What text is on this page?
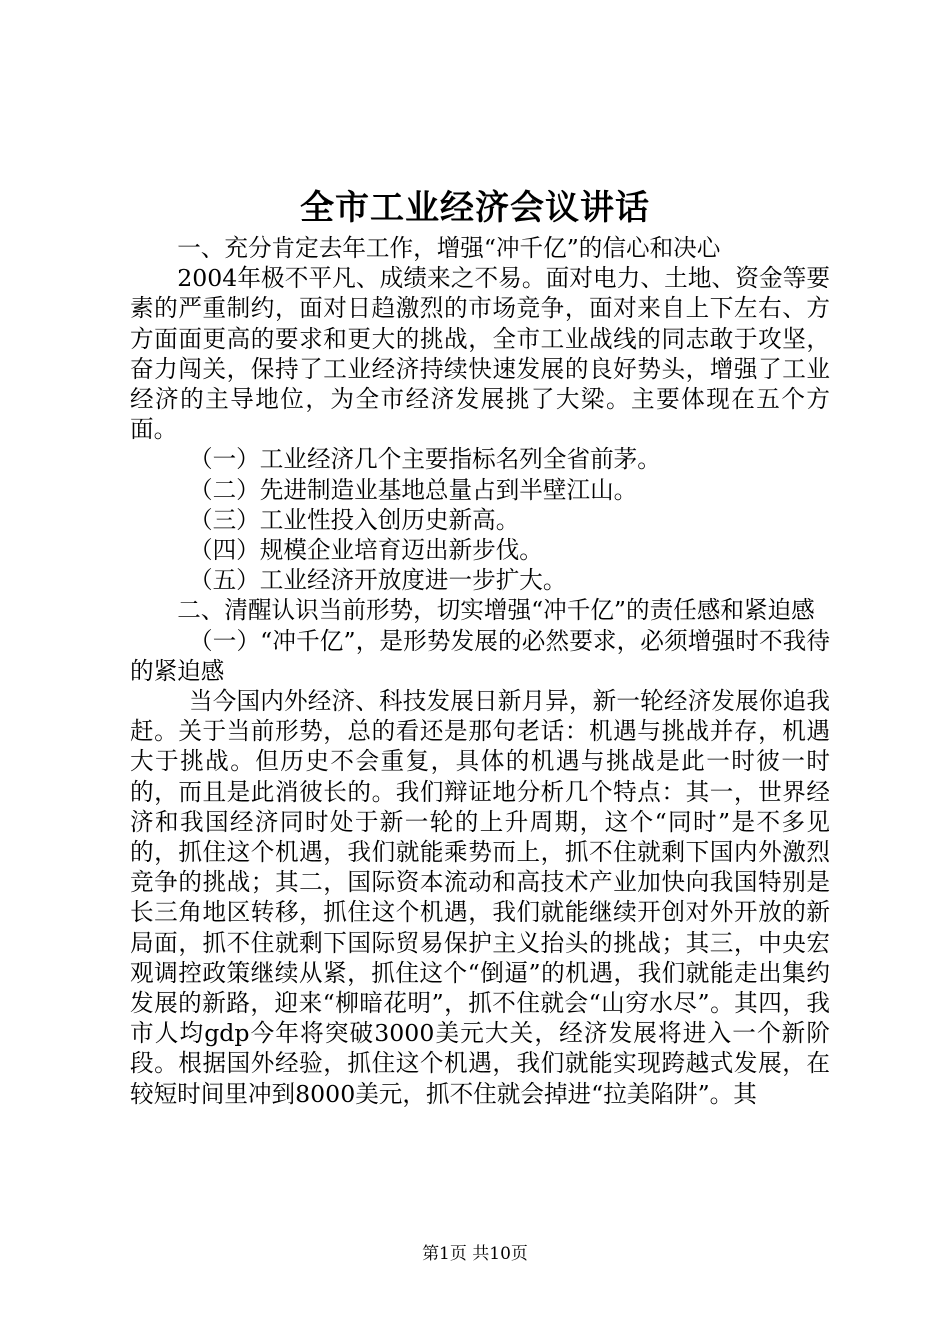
全市工业经济会议讲话

一、充分肯定去年工作，增强“冲千亿”的信心和决心

2004年极不平凡、成绩来之不易。面对电力、土地、资金等要素的严重制约，面对日趋激烈的市场竞争，面对来自上下左右、方方面面更高的要求和更大的挑战，全市工业战线的同志敢于攻坚，奋力闯关，保持了工业经济持续快速发展的良好势头，增强了工业经济的主导地位，为全市经济发展挑了大梁。主要体现在五个方面。

（一）工业经济几个主要指标名列全省前茅。

（二）先进制造业基地总量占到半壁江山。

（三）工业性投入创历史新高。

（四）规模企业培育迈出新步伐。

（五）工业经济开放度进一步扩大。

二、清醒认识当前形势，切实增强“冲千亿”的责任感和紧迫感

（一）“冲千亿”，是形势发展的必然要求，必须增强时不我待的紧迫感

当今国内外经济、科技发展日新月异，新一轮经济发展你追我赶。关于当前形势，总的看还是那句老话：机遇与挑战并存，机遇大于挑战。但历史不会重复，具体的机遇与挑战是此一时彼一时的，而且是此消彼长的。我们辩证地分析几个特点：其一，世界经济和我国经济同时处于新一轮的上升周期，这个“同时”是不多见的，抓住这个机遇，我们就能乘势而上，抓不住就剩下国内外激烈竞争的挑战；其二，国际资本流动和高技术产业加快向我国特别是长三角地区转移，抓住这个机遇，我们就能继续开创对外开放的新局面，抓不住就剩下国际贸易保护主义抬头的挑战；其三，中央宏观调控政策继续从紧，抓住这个“倒逼”的机遇，我们就能走出集约发展的新路，迎来“柳暗花明”，抓不住就会“山穷水尽”。其四，我市人均gdp今年将突破3000美元大关，经济发展将进入一个新阶段。根据国外经验，抓住这个机遇，我们就能实现跨越式发展，在较短时间里冲到8000美元，抓不住就会掉进“拉美陷阱”。其

第1页 共10页
